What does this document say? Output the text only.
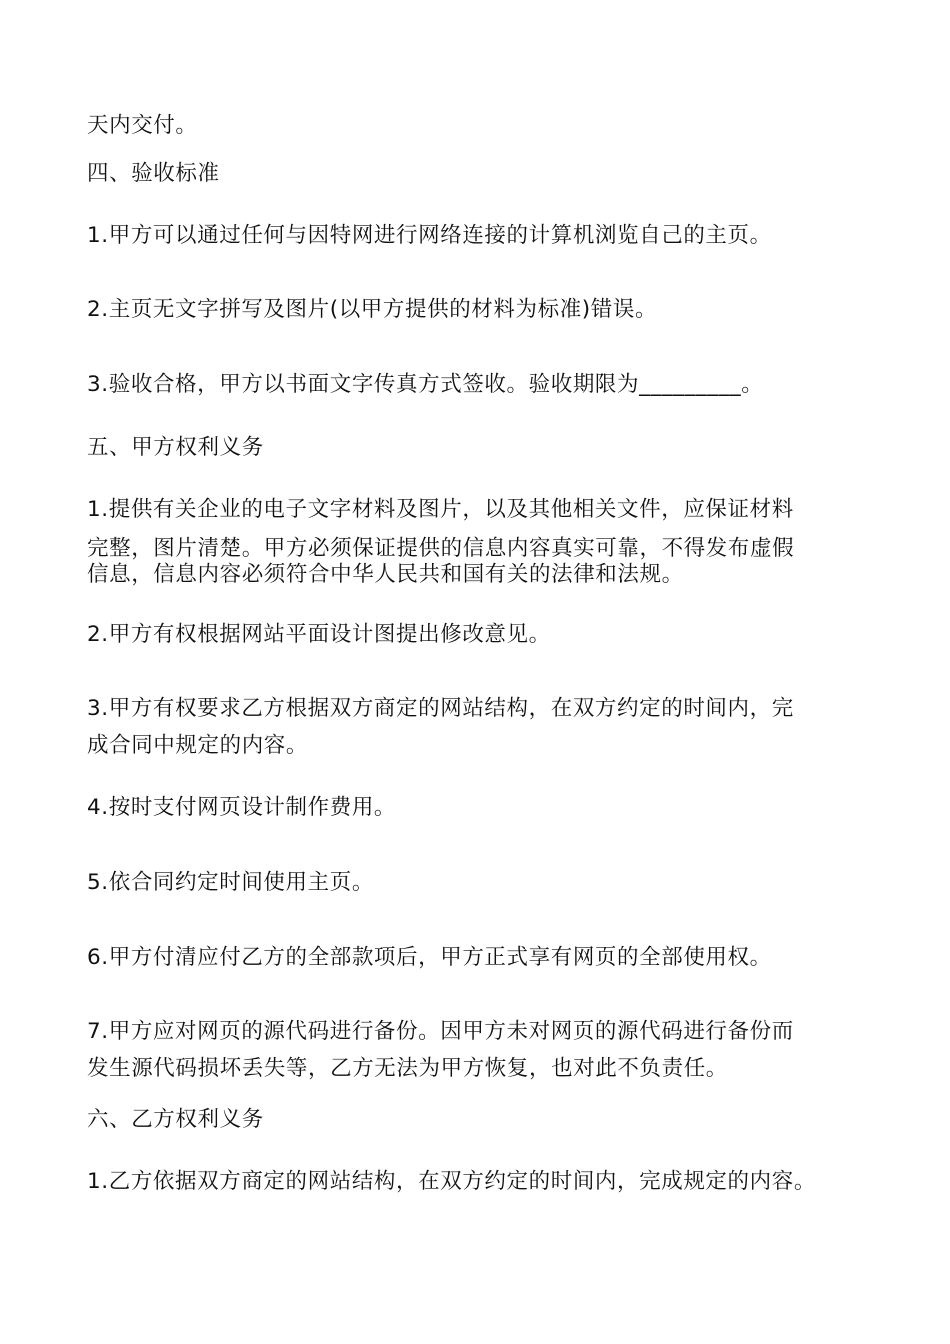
天内交付。
四、验收标准
1.甲方可以通过任何与因特网进行网络连接的计算机浏览自己的主页。
2.主页无文字拼写及图片(以甲方提供的材料为标准)错误。
3.验收合格，甲方以书面文字传真方式签收。验收期限为_________。
五、甲方权利义务
1.提供有关企业的电子文字材料及图片，以及其他相关文件，应保证材料
完整，图片清楚。甲方必须保证提供的信息内容真实可靠，不得发布虚假
信息，信息内容必须符合中华人民共和国有关的法律和法规。
2.甲方有权根据网站平面设计图提出修改意见。
3.甲方有权要求乙方根据双方商定的网站结构，在双方约定的时间内，完
成合同中规定的内容。
4.按时支付网页设计制作费用。
5.依合同约定时间使用主页。
6.甲方付清应付乙方的全部款项后，甲方正式享有网页的全部使用权。
7.甲方应对网页的源代码进行备份。因甲方未对网页的源代码进行备份而
发生源代码损坏丢失等，乙方无法为甲方恢复，也对此不负责任。
六、乙方权利义务
1.乙方依据双方商定的网站结构，在双方约定的时间内，完成规定的内容。
